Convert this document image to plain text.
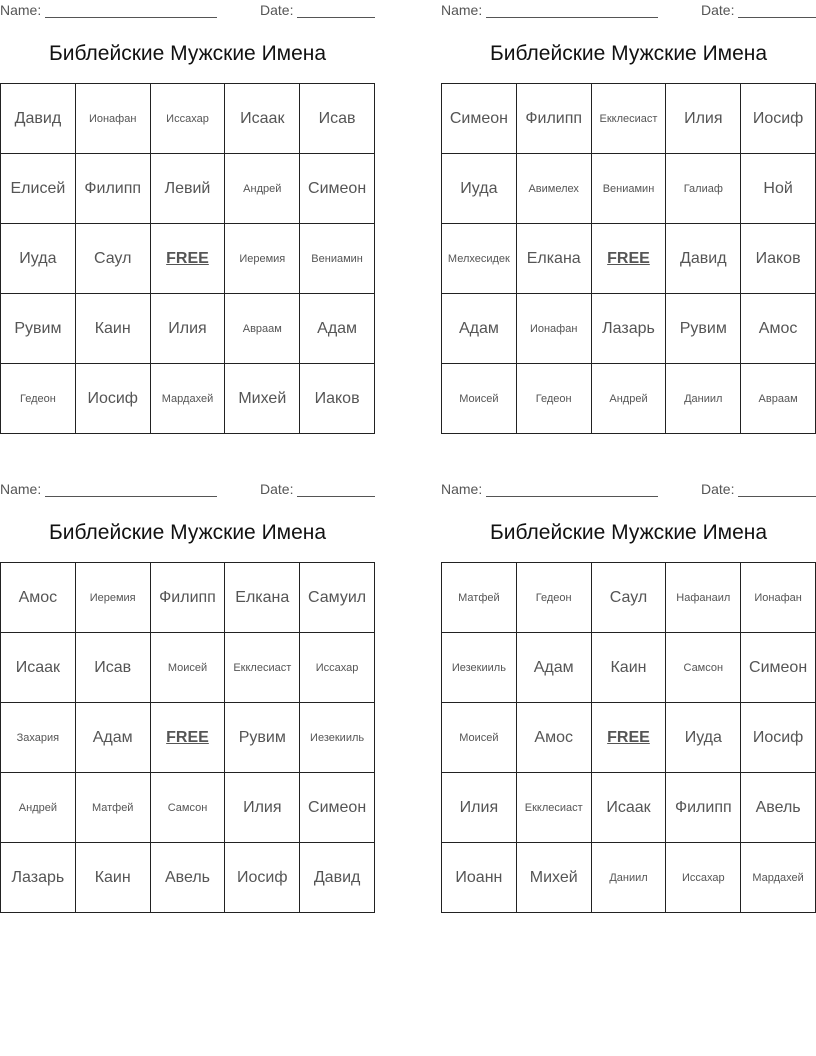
Name:	Date:
Библейские Мужские Имена
Давид	Ионафан	Иссахар	Исаак	Исав
Елисей	Филипп	Левий	Андрей	Симеон
Иуда	Саул	FREE	Иеремия	Вениамин
Рувим	Каин	Илия	Авраам	Адам
Гедеон	Иосиф	Мардахей	Михей	Иаков
Name:	Date:
Библейские Мужские Имена
Симеон	Филипп	Екклесиаст	Илия	Иосиф
Иуда	Авимелех	Вениамин	Галиаф	Ной
Мелхесидек	Елкана	FREE	Давид	Иаков
Адам	Ионафан	Лазарь	Рувим	Амос
Моисей	Гедеон	Андрей	Даниил	Авраам
Name:	Date:
Библейские Мужские Имена
Амос	Иеремия	Филипп	Елкана	Самуил
Исаак	Исав	Моисей	Екклесиаст	Иссахар
Захария	Адам	FREE	Рувим	Иезекииль
Андрей	Матфей	Самсон	Илия	Симеон
Лазарь	Каин	Авель	Иосиф	Давид
Name:	Date:
Библейские Мужские Имена
Матфей	Гедеон	Саул	Нафанаил	Ионафан
Иезекииль	Адам	Каин	Самсон	Симеон
Моисей	Амос	FREE	Иуда	Иосиф
Илия	Екклесиаст	Исаак	Филипп	Авель
Иоанн	Михей	Даниил	Иссахар	Мардахей
